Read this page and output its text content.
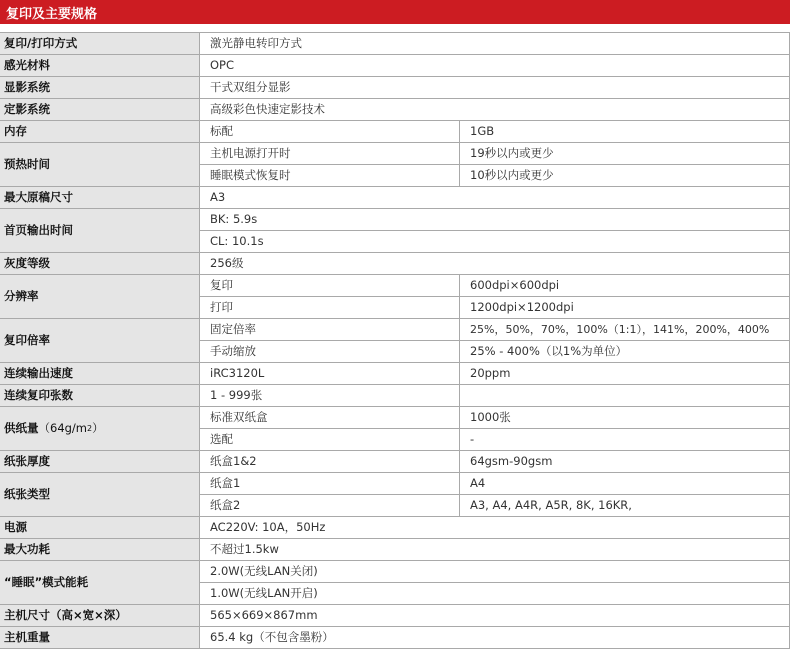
复印及主要规格
复印/打印方式	激光静电转印方式
感光材料	OPC
显影系统	干式双组分显影
定影系统	高级彩色快速定影技术
内存	标配	1GB
预热时间
主机电源打开时	19秒以内或更少
睡眠模式恢复时	10秒以内或更少
最大原稿尺寸	A3
首页输出时间
BK: 5.9s
CL: 10.1s
灰度等级	256级
分辨率
复印	600dpi×600dpi
打印	1200dpi×1200dpi
复印倍率
固定倍率	25%，50%，70%，100%（1:1），141%，200%，400%
手动缩放	25% - 400%（以1%为单位）
连续输出速度	iRC3120L	20ppm
连续复印张数	1 - 999张
供纸量 （64g/m 2 ）
标准双纸盒	1000张
选配	-
纸张厚度	纸盒1&2	64gsm-90gsm
纸张类型
纸盒1	A4
纸盒2	A3, A4, A4R, A5R, 8K, 16KR,
电源	AC220V: 10A，50Hz
最大功耗	不超过1.5kw
“ 睡眠 ” 模式能耗
2.0W(无线LAN关闭)
1.0W(无线LAN开启)
主机尺寸（高×宽×深）	565×669×867mm
主机重量	65.4 kg（不包含墨粉）
